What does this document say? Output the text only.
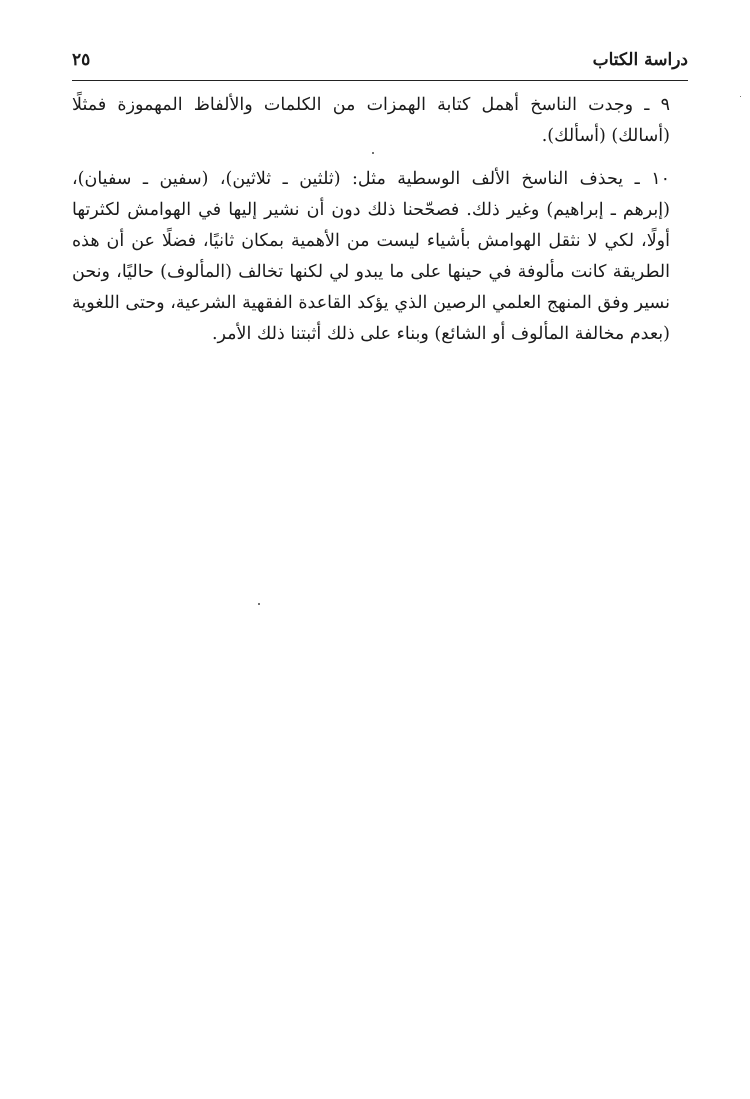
دراسة الكتاب
٢٥

٩ ـ وجدت الناسخ أهمل كتابة الهمزات من الكلمات والألفاظ المهموزة فمثلًا
(أسالك) (أسألك).

١٠ ـ يحذف الناسخ الألف الوسطية مثل: (ثلثين ـ ثلاثين)، (سفين ـ سفيان)،
(إبرهم ـ إبراهيم) وغير ذلك. فصحّحنا ذلك دون أن نشير إليها في الهوامش لكثرتها
أولًا، لكي لا نثقل الهوامش بأشياء ليست من الأهمية بمكان ثانيًا، فضلًا عن أن هذه
الطريقة كانت مألوفة في حينها على ما يبدو لي لكنها تخالف (المألوف) حاليًا، ونحن
نسير وفق المنهج العلمي الرصين الذي يؤكد القاعدة الفقهية الشرعية، وحتى اللغوية
(بعدم مخالفة المألوف أو الشائع) وبناء على ذلك أثبتنا ذلك الأمر.
